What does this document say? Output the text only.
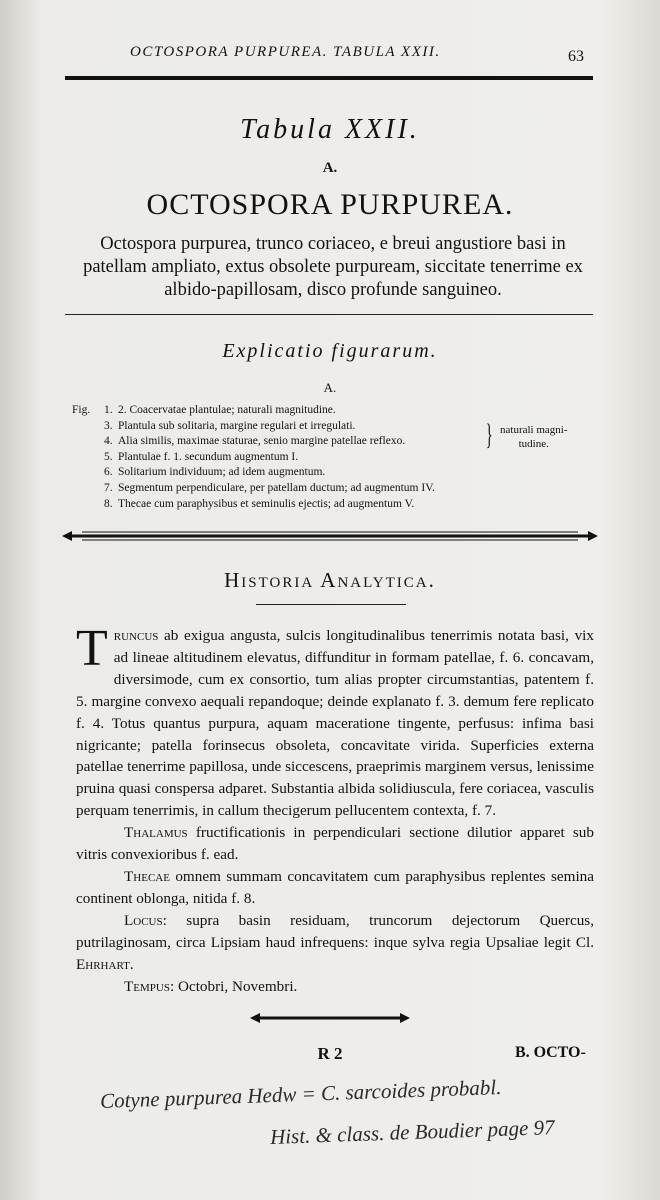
OCTOSPORA PURPUREA. TABULA XXII.	63
Tabula XXII.
A.
OCTOSPORA PURPUREA.
Octospora purpurea, trunco coriaceo, e breui angustiore basi in patellam ampliato, extus obsolete purpuream, siccitate tenerrime ex albido-papillosam, disco profunde sanguineo.
Explicatio figurarum.
A.
Fig.	1. 2. Coacervatae plantulae; naturali magnitudine.
3. Plantula sub solitaria, margine regulari et irregulati.
4. Alia similis, maximae staturae, senio margine patellae reflexo.
5. Plantulae f. 1. secundum augmentum I.
6. Solitarium individuum; ad idem augmentum.
7. Segmentum perpendiculare, per patellam ductum; ad augmentum IV.
8. Thecae cum paraphysibus et seminulis ejectis; ad augmentum V.
} naturali magni-
tudine.
Historia Analytica.

Truncus ab exigua angusta, sulcis longitudinalibus tenerrimis notata basi, vix ad lineae altitudinem elevatus, diffunditur in formam patellae, f. 6. concavam, diversimode, cum ex consortio, tum alias propter circumstantias, patentem f. 5. margine convexo aequali repandoque; deinde explanato f. 3. demum fere replicato f. 4. Totus quantus purpura, aquam maceratione tingente, perfusus: infima basi nigricante; patella forinsecus obsoleta, concavitate virida. Superficies externa patellae tenerrime papillosa, unde siccescens, praeprimis marginem versus, lenissime pruina quasi conspersa adparet. Substantia albida solidiuscula, fere coriacea, vasculis perquam tenerrimis, in callum thecigerum pellucentem contexta, f. 7.

Thalamus fructificationis in perpendiculari sectione dilutior apparet sub vitris convexioribus f. ead.

Thecae omnem summam concavitatem cum paraphysibus replentes semina continent oblonga, nitida f. 8.

Locus: supra basin residuam, truncorum dejectorum Quercus, putrilaginosam, circa Lipsiam haud infrequens: inque sylva regia Upsaliae legit Cl. Ehrhart.

Tempus: Octobri, Novembri.

R 2	B. OCTO-
Cotyne purpurea Hedw = C. sarcoides probabl.
Hist. & class. de Boudier page 97
